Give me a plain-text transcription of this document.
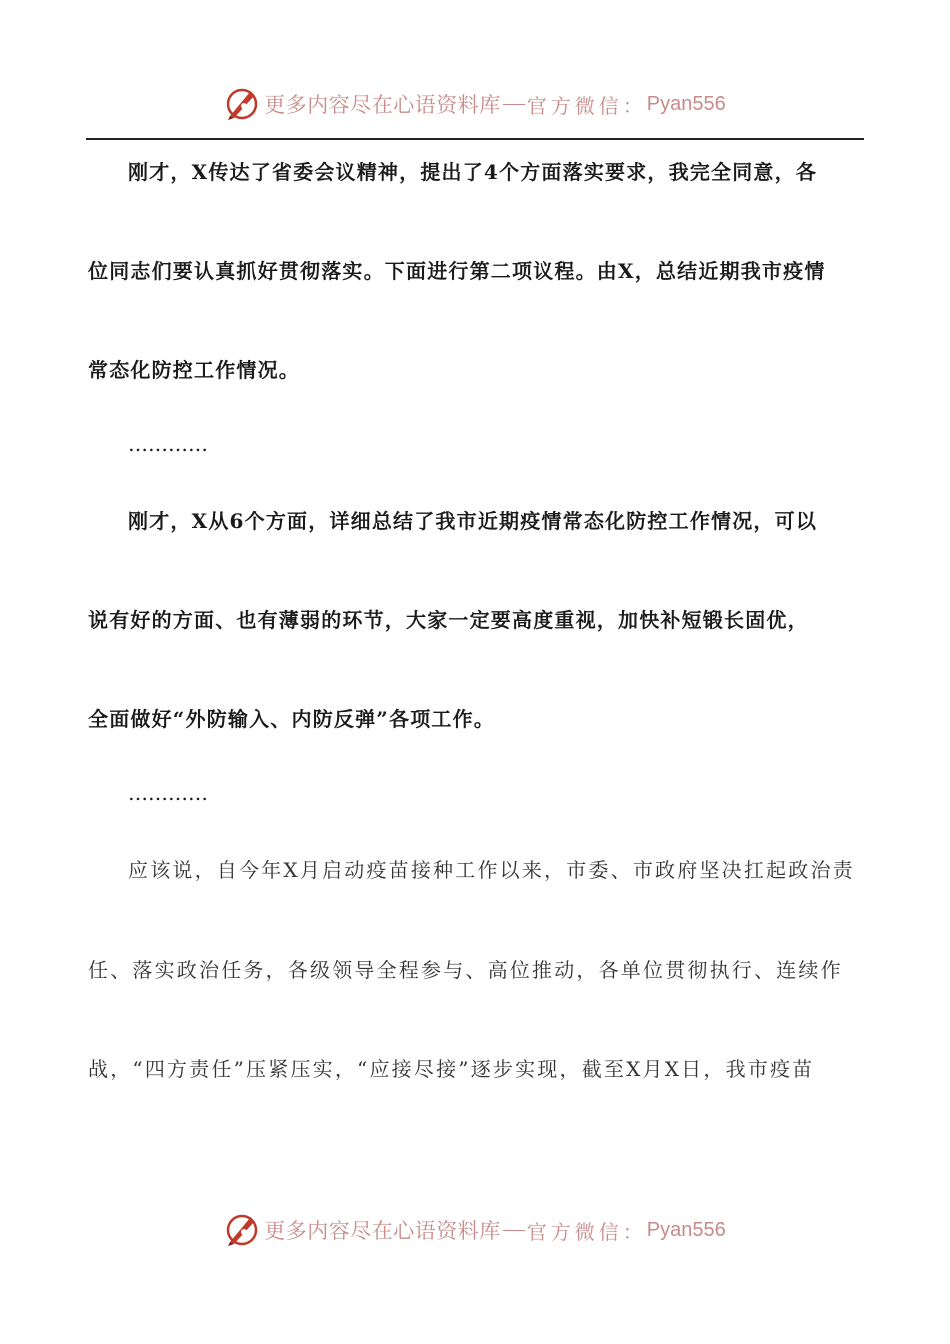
更多内容尽在心语资料库 官方微信： Pyan556
刚才，X传达了省委会议精神，提出了4个方面落实要求，我完全同意，各
位同志们要认真抓好贯彻落实。下面进行第二项议程。由X，总结近期我市疫情
常态化防控工作情况。
…………
刚才，X从6个方面，详细总结了我市近期疫情常态化防控工作情况，可以
说有好的方面、也有薄弱的环节，大家一定要高度重视，加快补短锻长固优，
全面做好“外防输入、内防反弹”各项工作。
…………
应该说，自今年X月启动疫苗接种工作以来，市委、市政府坚决扛起政治责
任、落实政治任务，各级领导全程参与、高位推动，各单位贯彻执行、连续作
战，“四方责任”压紧压实，“应接尽接”逐步实现，截至X月X日，我市疫苗
更多内容尽在心语资料库 官方微信： Pyan556
